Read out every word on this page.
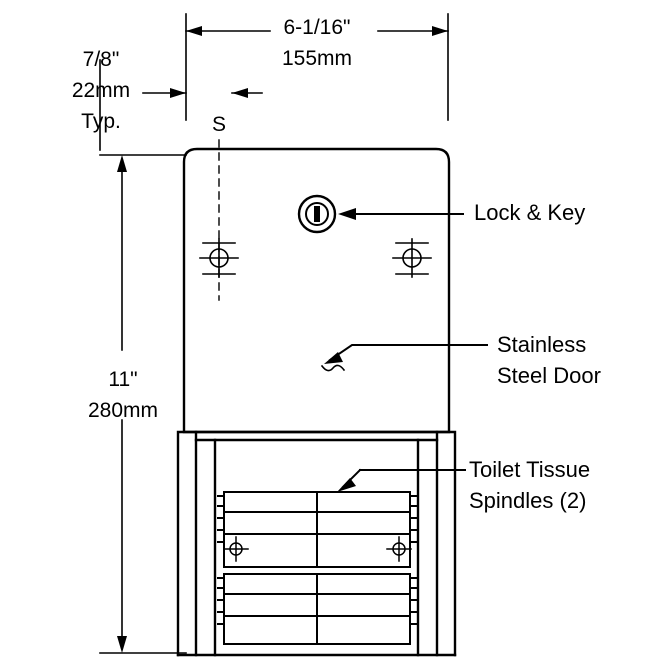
6-1/16"
155mm
7/8"
22mm
Typ.	S
11"
280mm
Lock & Key
Stainless
Steel Door
Toilet Tissue
Spindles (2)
